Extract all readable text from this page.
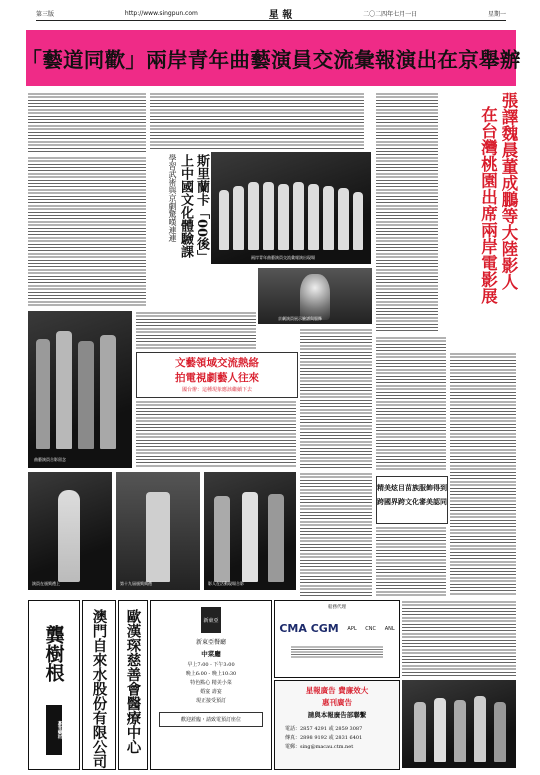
第三版	http://www.singpun.com	星 報	二〇二四年七月一日	星期一
「藝道同歡」兩岸青年曲藝演員交流彙報演出在京舉辦
斯里蘭卡「00後」
上中國文化體驗課
學習武術與京劇驚嘆連連
兩岸青年曲藝演員交流彙報演出現場
京劇演員展示臉譜與服飾
曲藝演員合影留念
文藝領域交流熱絡
拍電視劇藝人往來
國台辦：這種現象應該繼續下去
張譯魏晨董成鵬等大陸影人
在台灣桃園出席兩岸電影展
演員在頒獎禮上	第十九屆頒獎典禮	影人在活動現場合影
精美炫目苗族服飾得到
跨國界跨文化審美認同
龔樹根
蔘茸藥材 澳門自來水股份有限公司 歐漢琛慈善會醫療中心	新東亞
新東亞餐廳
中菜廳
早上7:00 - 下午3:00
晚上6:00 - 晚上10:30
特色點心 精美小菜
婚宴 壽宴
現正接受預訂
歡迎蒞臨・請致電預訂座位
船務代理
CMA CGM APL CNC ANL
星報廣告 費廉效大
惠刊廣告
請與本報廣告部聯繫
電話：2857 4291 或 2859 3087
傳真：2898 9192 或 2831 6401
電郵：sing@macau.ctm.net
